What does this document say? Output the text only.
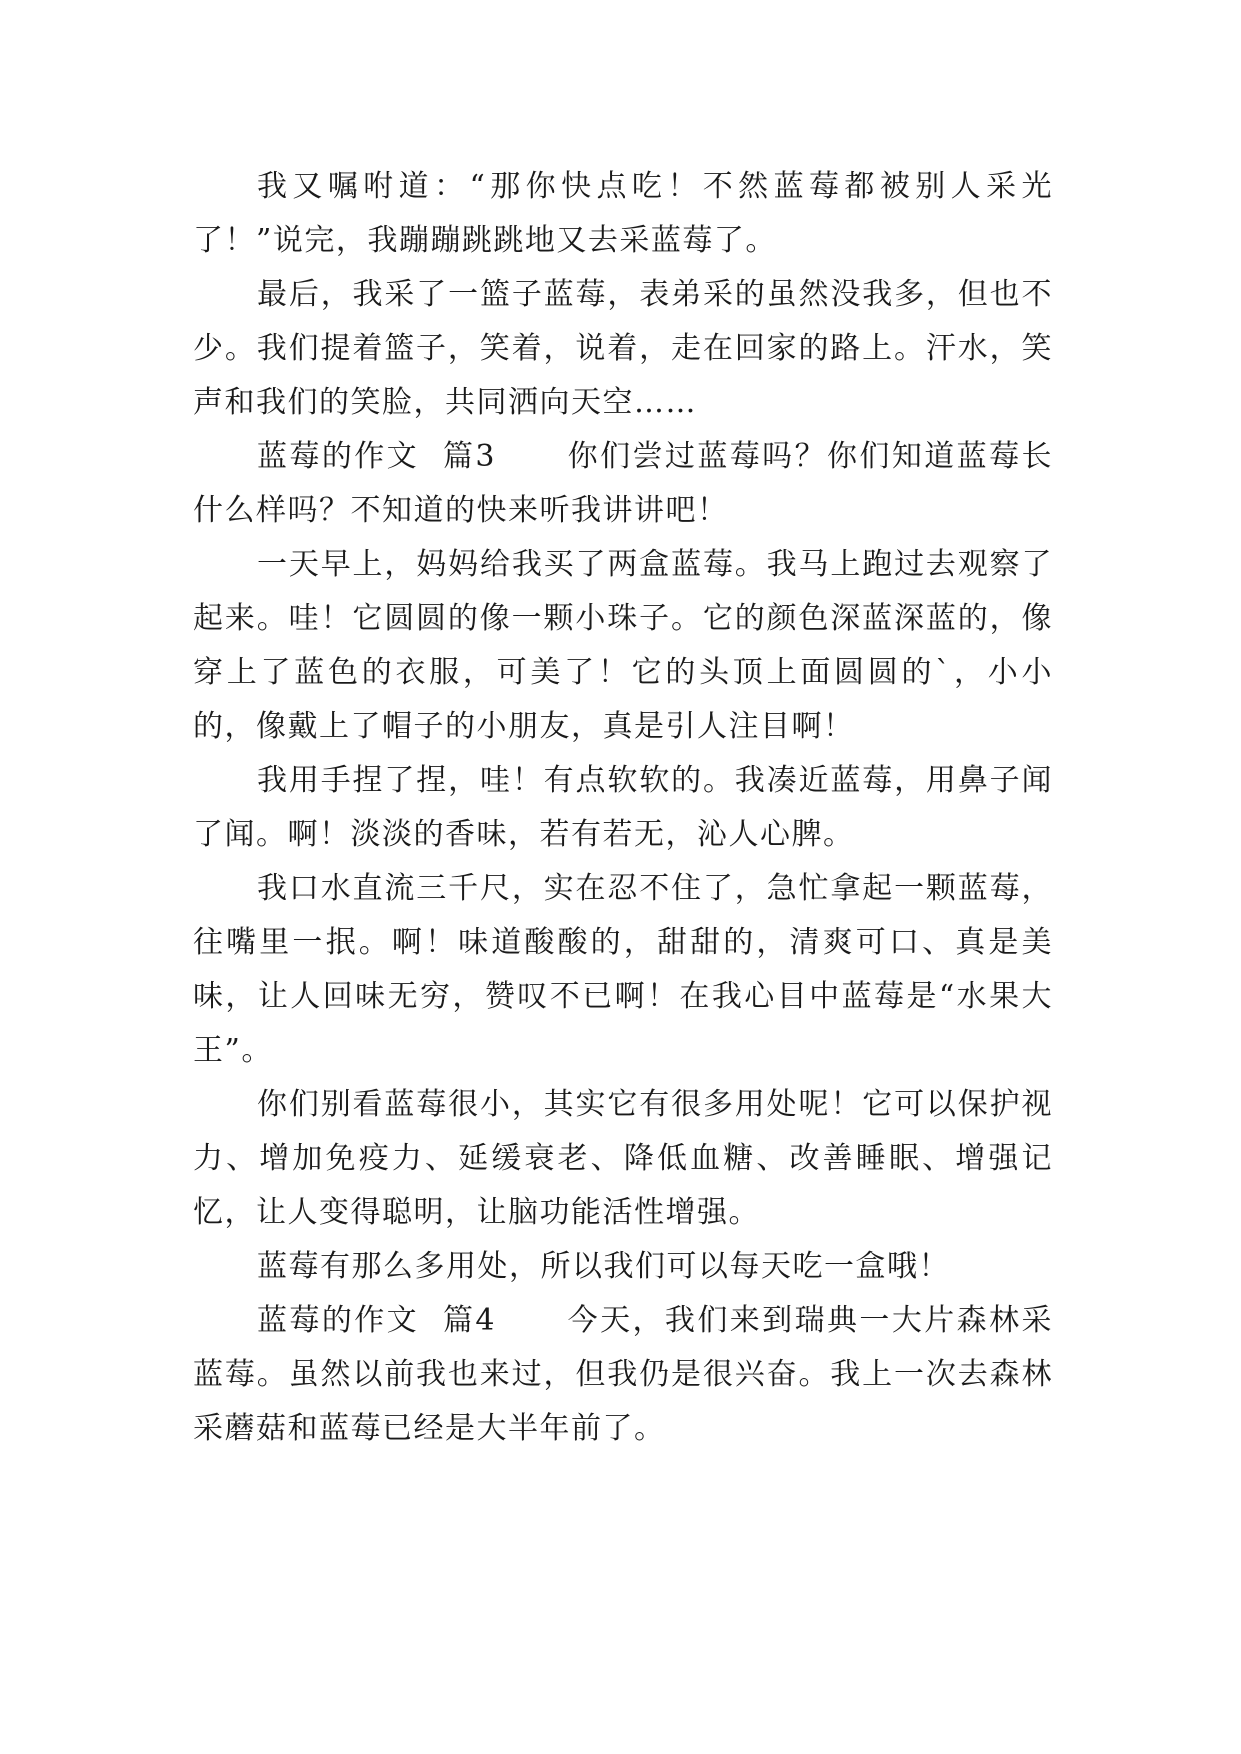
我又嘱咐道：“那你快点吃！不然蓝莓都被别人采光了！”说完，我蹦蹦跳跳地又去采蓝莓了。

最后，我采了一篮子蓝莓，表弟采的虽然没我多，但也不少。我们提着篮子，笑着，说着，走在回家的路上。汗水，笑声和我们的笑脸，共同洒向天空……

蓝莓的作文  篇3      你们尝过蓝莓吗？你们知道蓝莓长什么样吗？不知道的快来听我讲讲吧！

一天早上，妈妈给我买了两盒蓝莓。我马上跑过去观察了起来。哇！它圆圆的像一颗小珠子。它的颜色深蓝深蓝的，像穿上了蓝色的衣服，可美了！它的头顶上面圆圆的`，小小的，像戴上了帽子的小朋友，真是引人注目啊！

我用手捏了捏，哇！有点软软的。我凑近蓝莓，用鼻子闻了闻。啊！淡淡的香味，若有若无，沁人心脾。

我口水直流三千尺，实在忍不住了，急忙拿起一颗蓝莓，往嘴里一抿。啊！味道酸酸的，甜甜的，清爽可口、真是美味，让人回味无穷，赞叹不已啊！在我心目中蓝莓是“水果大王”。

你们别看蓝莓很小，其实它有很多用处呢！它可以保护视力、增加免疫力、延缓衰老、降低血糖、改善睡眠、增强记忆，让人变得聪明，让脑功能活性增强。

蓝莓有那么多用处，所以我们可以每天吃一盒哦！

蓝莓的作文  篇4      今天，我们来到瑞典一大片森林采蓝莓。虽然以前我也来过，但我仍是很兴奋。我上一次去森林采蘑菇和蓝莓已经是大半年前了。
